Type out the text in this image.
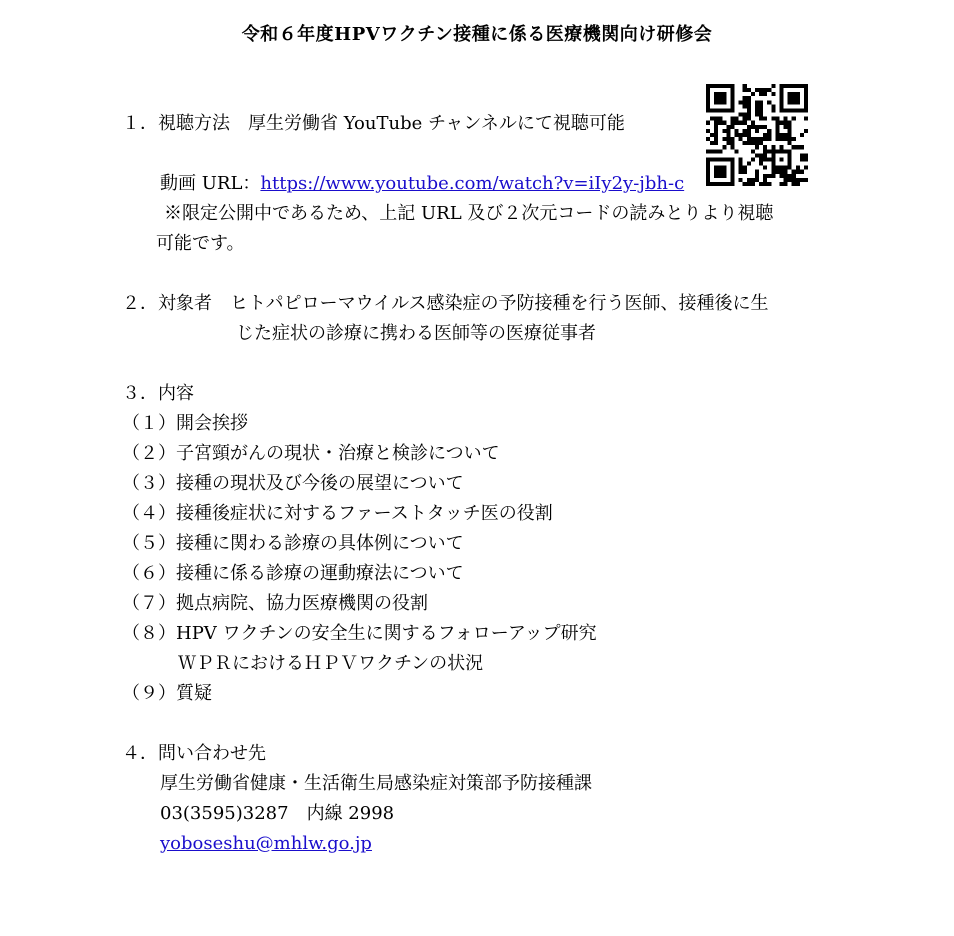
令和６年度HPVワクチン接種に係る医療機関向け研修会
１．視聴方法　厚生労働省 YouTube チャンネルにて視聴可能
動画 URL：https://www.youtube.com/watch?v=iIy2y-jbh-c
※限定公開中であるため、上記 URL 及び２次元コードの読みとりより視聴
可能です。
２．対象者　ヒトパピローマウイルス感染症の予防接種を行う医師、接種後に生
じた症状の診療に携わる医師等の医療従事者
３．内容
（１）開会挨拶
（２）子宮頸がんの現状・治療と検診について
（３）接種の現状及び今後の展望について
（４）接種後症状に対するファーストタッチ医の役割
（５）接種に関わる診療の具体例について
（６）接種に係る診療の運動療法について
（７）拠点病院、協力医療機関の役割
（８）HPV ワクチンの安全生に関するフォローアップ研究
ＷＰＲにおけるＨＰＶワクチンの状況
（９）質疑
４．問い合わせ先
厚生労働省健康・生活衛生局感染症対策部予防接種課
03(3595)3287　内線 2998
yoboseshu@mhlw.go.jp
